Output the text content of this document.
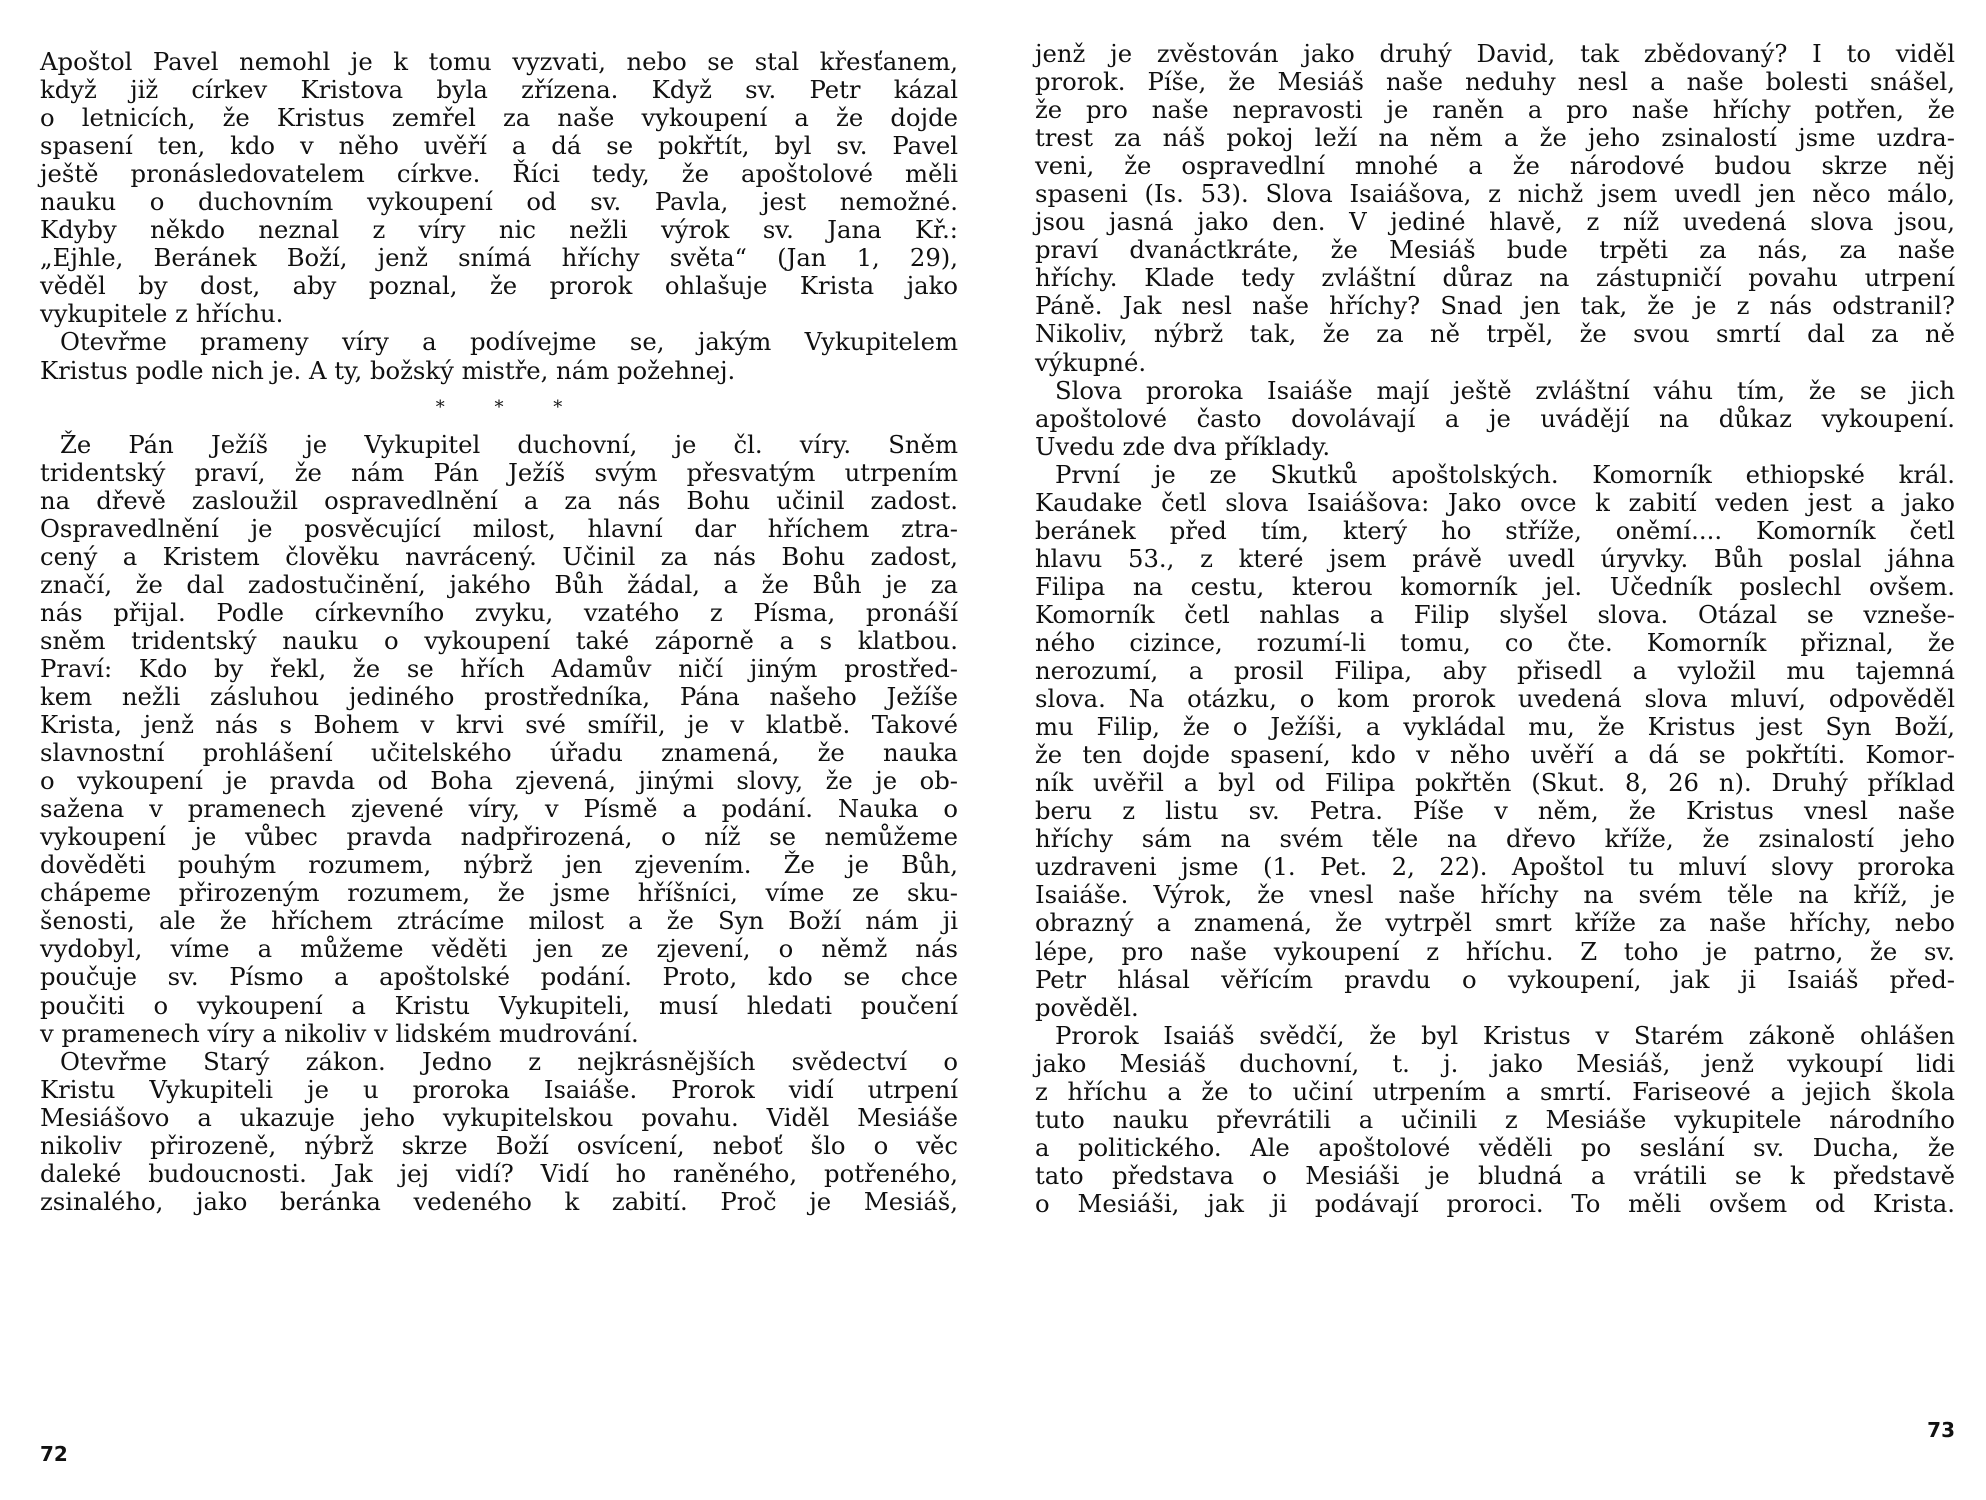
Apoštol Pavel nemohl je k tomu vyzvati, nebo se stal křesťanem,
když již církev Kristova byla zřízena. Když sv. Petr kázal
o letnicích, že Kristus zemřel za naše vykoupení a že dojde
spasení ten, kdo v něho uvěří a dá se pokřtít, byl sv. Pavel
ještě pronásledovatelem církve. Říci tedy, že apoštolové měli
nauku o duchovním vykoupení od sv. Pavla, jest nemožné.
Kdyby někdo neznal z víry nic nežli výrok sv. Jana Kř.:
„Ejhle, Beránek Boží, jenž snímá hříchy světa“ (Jan 1, 29),
věděl by dost, aby poznal, že prorok ohlašuje Krista jako
vykupitele z hříchu.
Otevřme prameny víry a podívejme se, jakým Vykupitelem
Kristus podle nich je. A ty, božský mistře, nám požehnej.
* * *
Že Pán Ježíš je Vykupitel duchovní, je čl. víry. Sněm
tridentský praví, že nám Pán Ježíš svým přesvatým utrpením
na dřevě zasloužil ospravedlnění a za nás Bohu učinil zadost.
Ospravedlnění je posvěcující milost, hlavní dar hříchem ztra-
cený a Kristem člověku navrácený. Učinil za nás Bohu zadost,
značí, že dal zadostučinění, jakého Bůh žádal, a že Bůh je za
nás přijal. Podle církevního zvyku, vzatého z Písma, pronáší
sněm tridentský nauku o vykoupení také záporně a s klatbou.
Praví: Kdo by řekl, že se hřích Adamův ničí jiným prostřed-
kem nežli zásluhou jediného prostředníka, Pána našeho Ježíše
Krista, jenž nás s Bohem v krvi své smířil, je v klatbě. Takové
slavnostní prohlášení učitelského úřadu znamená, že nauka
o vykoupení je pravda od Boha zjevená, jinými slovy, že je ob-
sažena v pramenech zjevené víry, v Písmě a podání. Nauka o
vykoupení je vůbec pravda nadpřirozená, o níž se nemůžeme
dověděti pouhým rozumem, nýbrž jen zjevením. Že je Bůh,
chápeme přirozeným rozumem, že jsme hříšníci, víme ze sku-
šenosti, ale že hříchem ztrácíme milost a že Syn Boží nám ji
vydobyl, víme a můžeme věděti jen ze zjevení, o němž nás
poučuje sv. Písmo a apoštolské podání. Proto, kdo se chce
poučiti o vykoupení a Kristu Vykupiteli, musí hledati poučení
v pramenech víry a nikoliv v lidském mudrování.
Otevřme Starý zákon. Jedno z nejkrásnějších svědectví o
Kristu Vykupiteli je u proroka Isaiáše. Prorok vidí utrpení
Mesiášovo a ukazuje jeho vykupitelskou povahu. Viděl Mesiáše
nikoliv přirozeně, nýbrž skrze Boží osvícení, neboť šlo o věc
daleké budoucnosti. Jak jej vidí? Vidí ho raněného, potřeného,
zsinalého, jako beránka vedeného k zabití. Proč je Mesiáš,
72
jenž je zvěstován jako druhý David, tak zbědovaný? I to viděl
prorok. Píše, že Mesiáš naše neduhy nesl a naše bolesti snášel,
že pro naše nepravosti je raněn a pro naše hříchy potřen, že
trest za náš pokoj leží na něm a že jeho zsinalostí jsme uzdra-
veni, že ospravedlní mnohé a že národové budou skrze něj
spaseni (Is. 53). Slova Isaiášova, z nichž jsem uvedl jen něco málo,
jsou jasná jako den. V jediné hlavě, z níž uvedená slova jsou,
praví dvanáctkráte, že Mesiáš bude trpěti za nás, za naše
hříchy. Klade tedy zvláštní důraz na zástupničí povahu utrpení
Páně. Jak nesl naše hříchy? Snad jen tak, že je z nás odstranil?
Nikoliv, nýbrž tak, že za ně trpěl, že svou smrtí dal za ně
výkupné.
Slova proroka Isaiáše mají ještě zvláštní váhu tím, že se jich
apoštolové často dovolávají a je uvádějí na důkaz vykoupení.
Uvedu zde dva příklady.
První je ze Skutků apoštolských. Komorník ethiopské král.
Kaudake četl slova Isaiášova: Jako ovce k zabití veden jest a jako
beránek před tím, který ho stříže, oněmí.... Komorník četl
hlavu 53., z které jsem právě uvedl úryvky. Bůh poslal jáhna
Filipa na cestu, kterou komorník jel. Učedník poslechl ovšem.
Komorník četl nahlas a Filip slyšel slova. Otázal se vzneše-
ného cizince, rozumí-li tomu, co čte. Komorník přiznal, že
nerozumí, a prosil Filipa, aby přisedl a vyložil mu tajemná
slova. Na otázku, o kom prorok uvedená slova mluví, odpověděl
mu Filip, že o Ježíši, a vykládal mu, že Kristus jest Syn Boží,
že ten dojde spasení, kdo v něho uvěří a dá se pokřtíti. Komor-
ník uvěřil a byl od Filipa pokřtěn (Skut. 8, 26 n). Druhý příklad
beru z listu sv. Petra. Píše v něm, že Kristus vnesl naše
hříchy sám na svém těle na dřevo kříže, že zsinalostí jeho
uzdraveni jsme (1. Pet. 2, 22). Apoštol tu mluví slovy proroka
Isaiáše. Výrok, že vnesl naše hříchy na svém těle na kříž, je
obrazný a znamená, že vytrpěl smrt kříže za naše hříchy, nebo
lépe, pro naše vykoupení z hříchu. Z toho je patrno, že sv.
Petr hlásal věřícím pravdu o vykoupení, jak ji Isaiáš před-
pověděl.
Prorok Isaiáš svědčí, že byl Kristus v Starém zákoně ohlášen
jako Mesiáš duchovní, t. j. jako Mesiáš, jenž vykoupí lidi
z hříchu a že to učiní utrpením a smrtí. Fariseové a jejich škola
tuto nauku převrátili a učinili z Mesiáše vykupitele národního
a politického. Ale apoštolové věděli po seslání sv. Ducha, že
tato představa o Mesiáši je bludná a vrátili se k představě
o Mesiáši, jak ji podávají proroci. To měli ovšem od Krista.
73
